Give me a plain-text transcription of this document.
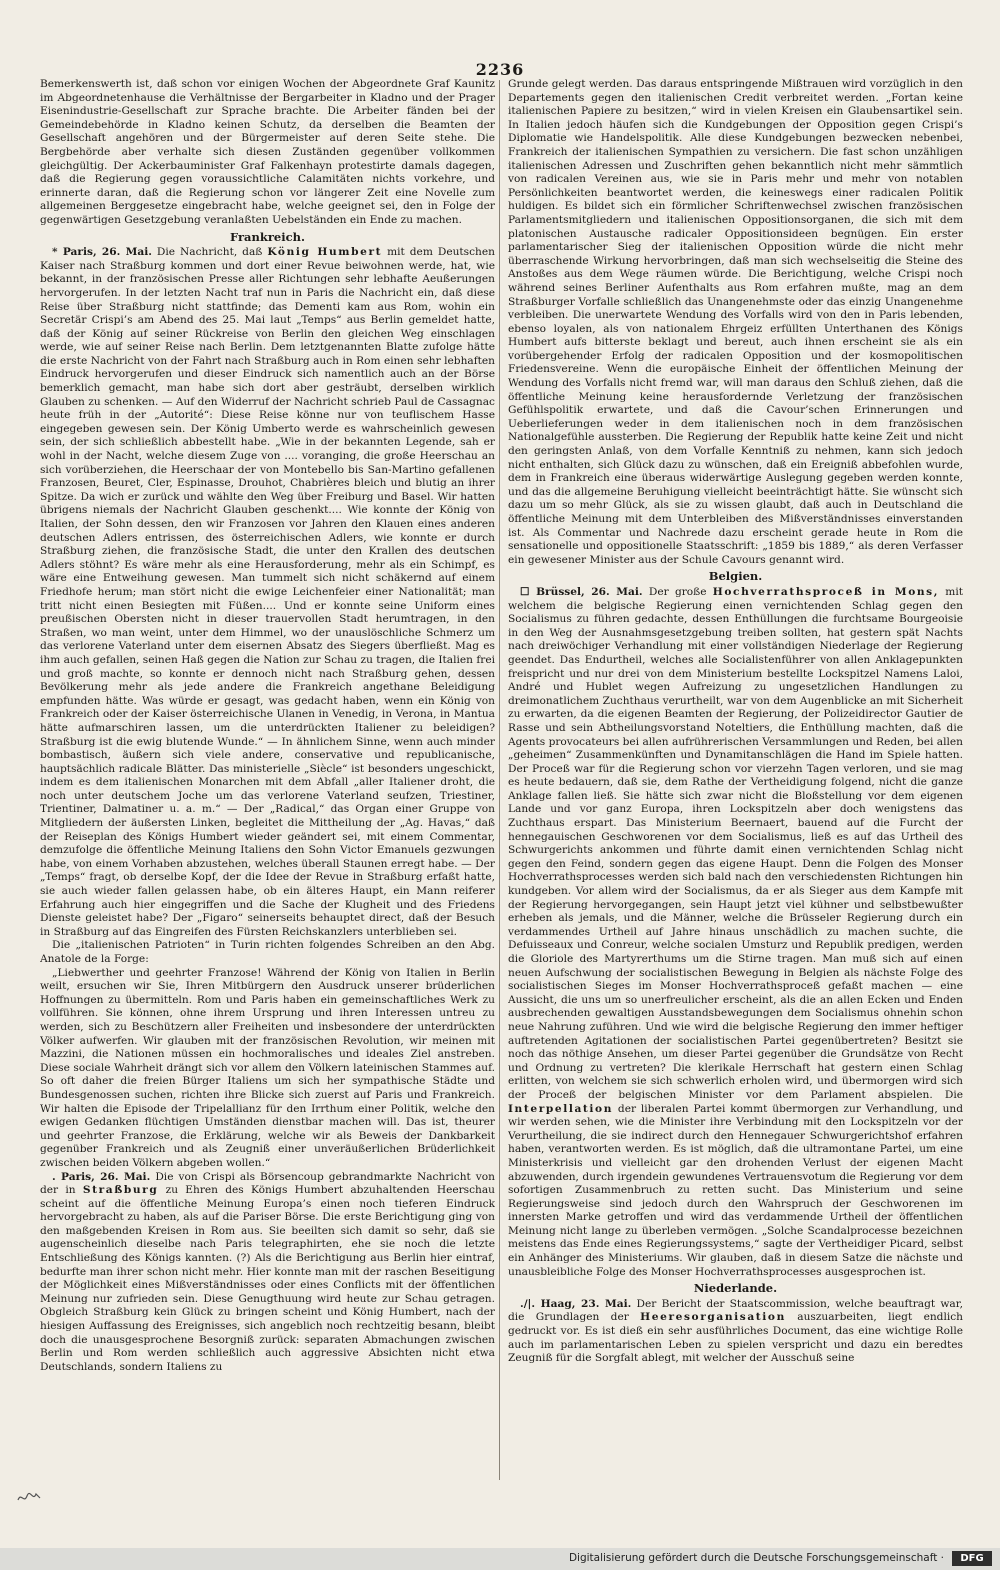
2236

Bemerkenswerth ist, daß schon vor einigen Wochen der Abgeordnete Graf Kaunitz im Abgeordnetenhause die Verhältnisse der Bergarbeiter in Kladno und der Prager Eisenindustrie-Gesellschaft zur Sprache brachte. Die Arbeiter fänden bei der Gemeindebehörde in Kladno keinen Schutz, da derselben die Beamten der Gesellschaft angehören und der Bürgermeister auf deren Seite stehe. Die Bergbehörde aber verhalte sich diesen Zuständen gegenüber vollkommen gleichgültig. Der Ackerbauminister Graf Falkenhayn protestirte damals dagegen, daß die Regierung gegen voraussichtliche Calamitäten nichts vorkehre, und erinnerte daran, daß die Regierung schon vor längerer Zeit eine Novelle zum allgemeinen Berggesetze eingebracht habe, welche geeignet sei, den in Folge der gegenwärtigen Gesetzgebung veranlaßten Uebelständen ein Ende zu machen.

Frankreich.

* Paris, 26. Mai. Die Nachricht, daß König Humbert mit dem Deutschen Kaiser nach Straßburg kommen und dort einer Revue beiwohnen werde, hat, wie bekannt, in der französischen Presse aller Richtungen sehr lebhafte Aeußerungen hervorgerufen. In der letzten Nacht traf nun in Paris die Nachricht ein, daß diese Reise über Straßburg nicht stattfinde; das Dementi kam aus Rom, wohin ein Secretär Crispi’s am Abend des 25. Mai laut „Temps“ aus Berlin gemeldet hatte, daß der König auf seiner Rückreise von Berlin den gleichen Weg einschlagen werde, wie auf seiner Reise nach Berlin. Dem letztgenannten Blatte zufolge hätte die erste Nachricht von der Fahrt nach Straßburg auch in Rom einen sehr lebhaften Eindruck hervorgerufen und dieser Eindruck sich namentlich auch an der Börse bemerklich gemacht, man habe sich dort aber gesträubt, derselben wirklich Glauben zu schenken. — Auf den Widerruf der Nachricht schrieb Paul de Cassagnac heute früh in der „Autorité“: Diese Reise könne nur von teuflischem Hasse eingegeben gewesen sein. Der König Umberto werde es wahrscheinlich gewesen sein, der sich schließlich abbestellt habe. „Wie in der bekannten Legende, sah er wohl in der Nacht, welche diesem Zuge von .... voranging, die große Heerschau an sich vorüberziehen, die Heerschaar der von Montebello bis San-Martino gefallenen Franzosen, Beuret, Cler, Espinasse, Drouhot, Chabrières bleich und blutig an ihrer Spitze. Da wich er zurück und wählte den Weg über Freiburg und Basel. Wir hatten übrigens niemals der Nachricht Glauben geschenkt.... Wie konnte der König von Italien, der Sohn dessen, den wir Franzosen vor Jahren den Klauen eines anderen deutschen Adlers entrissen, des österreichischen Adlers, wie konnte er durch Straßburg ziehen, die französische Stadt, die unter den Krallen des deutschen Adlers stöhnt? Es wäre mehr als eine Herausforderung, mehr als ein Schimpf, es wäre eine Entweihung gewesen. Man tummelt sich nicht schäkernd auf einem Friedhofe herum; man stört nicht die ewige Leichenfeier einer Nationalität; man tritt nicht einen Besiegten mit Füßen.... Und er konnte seine Uniform eines preußischen Obersten nicht in dieser trauervollen Stadt herumtragen, in den Straßen, wo man weint, unter dem Himmel, wo der unauslöschliche Schmerz um das verlorene Vaterland unter dem eisernen Absatz des Siegers überfließt. Mag es ihm auch gefallen, seinen Haß gegen die Nation zur Schau zu tragen, die Italien frei und groß machte, so konnte er dennoch nicht nach Straßburg gehen, dessen Bevölkerung mehr als jede andere die Frankreich angethane Beleidigung empfunden hätte. Was würde er gesagt, was gedacht haben, wenn ein König von Frankreich oder der Kaiser österreichische Ulanen in Venedig, in Verona, in Mantua hätte aufmarschiren lassen, um die unterdrückten Italiener zu beleidigen? Straßburg ist die ewig blutende Wunde.“ — In ähnlichem Sinne, wenn auch minder bombastisch, äußern sich viele andere, conservative und republicanische, hauptsächlich radicale Blätter. Das ministerielle „Siècle“ ist besonders ungeschickt, indem es dem italienischen Monarchen mit dem Abfall „aller Italiener droht, die noch unter deutschem Joche um das verlorene Vaterland seufzen, Triestiner, Trientiner, Dalmatiner u. a. m.“ — Der „Radical,“ das Organ einer Gruppe von Mitgliedern der äußersten Linken, begleitet die Mittheilung der „Ag. Havas,“ daß der Reiseplan des Königs Humbert wieder geändert sei, mit einem Commentar, demzufolge die öffentliche Meinung Italiens den Sohn Victor Emanuels gezwungen habe, von einem Vorhaben abzustehen, welches überall Staunen erregt habe. — Der „Temps“ fragt, ob derselbe Kopf, der die Idee der Revue in Straßburg erfaßt hatte, sie auch wieder fallen gelassen habe, ob ein älteres Haupt, ein Mann reiferer Erfahrung auch hier eingegriffen und die Sache der Klugheit und des Friedens Dienste geleistet habe? Der „Figaro“ seinerseits behauptet direct, daß der Besuch in Straßburg auf das Eingreifen des Fürsten Reichskanzlers unterblieben sei.

Die „italienischen Patrioten“ in Turin richten folgendes Schreiben an den Abg. Anatole de la Forge:

„Liebwerther und geehrter Franzose! Während der König von Italien in Berlin weilt, ersuchen wir Sie, Ihren Mitbürgern den Ausdruck unserer brüderlichen Hoffnungen zu übermitteln. Rom und Paris haben ein gemeinschaftliches Werk zu vollführen. Sie können, ohne ihrem Ursprung und ihren Interessen untreu zu werden, sich zu Beschützern aller Freiheiten und insbesondere der unterdrückten Völker aufwerfen. Wir glauben mit der französischen Revolution, wir meinen mit Mazzini, die Nationen müssen ein hochmoralisches und ideales Ziel anstreben. Diese sociale Wahrheit drängt sich vor allem den Völkern lateinischen Stammes auf. So oft daher die freien Bürger Italiens um sich her sympathische Städte und Bundesgenossen suchen, richten ihre Blicke sich zuerst auf Paris und Frankreich. Wir halten die Episode der Tripelallianz für den Irrthum einer Politik, welche den ewigen Gedanken flüchtigen Umständen dienstbar machen will. Das ist, theurer und geehrter Franzose, die Erklärung, welche wir als Beweis der Dankbarkeit gegenüber Frankreich und als Zeugniß einer unveräußerlichen Brüderlichkeit zwischen beiden Völkern abgeben wollen.“

. Paris, 26. Mai. Die von Crispi als Börsencoup gebrandmarkte Nachricht von der in Straßburg zu Ehren des Königs Humbert abzuhaltenden Heerschau scheint auf die öffentliche Meinung Europa’s einen noch tieferen Eindruck hervorgebracht zu haben, als auf die Pariser Börse. Die erste Berichtigung ging von den maßgebenden Kreisen in Rom aus. Sie beeilten sich damit so sehr, daß sie augenscheinlich dieselbe nach Paris telegraphirten, ehe sie noch die letzte Entschließung des Königs kannten. (?) Als die Berichtigung aus Berlin hier eintraf, bedurfte man ihrer schon nicht mehr. Hier konnte man mit der raschen Beseitigung der Möglichkeit eines Mißverständnisses oder eines Conflicts mit der öffentlichen Meinung nur zufrieden sein. Diese Genugthuung wird heute zur Schau getragen. Obgleich Straßburg kein Glück zu bringen scheint und König Humbert, nach der hiesigen Auffassung des Ereignisses, sich angeblich noch rechtzeitig besann, bleibt doch die unausgesprochene Besorgniß zurück: separaten Abmachungen zwischen Berlin und Rom werden schließlich auch aggressive Absichten nicht etwa Deutschlands, sondern Italiens zu

Grunde gelegt werden. Das daraus entspringende Mißtrauen wird vorzüglich in den Departements gegen den italienischen Credit verbreitet werden. „Fortan keine italienischen Papiere zu besitzen,“ wird in vielen Kreisen ein Glaubensartikel sein. In Italien jedoch häufen sich die Kundgebungen der Opposition gegen Crispi’s Diplomatie wie Handelspolitik. Alle diese Kundgebungen bezwecken nebenbei, Frankreich der italienischen Sympathien zu versichern. Die fast schon unzähligen italienischen Adressen und Zuschriften gehen bekanntlich nicht mehr sämmtlich von radicalen Vereinen aus, wie sie in Paris mehr und mehr von notablen Persönlichkeiten beantwortet werden, die keineswegs einer radicalen Politik huldigen. Es bildet sich ein förmlicher Schriftenwechsel zwischen französischen Parlamentsmitgliedern und italienischen Oppositionsorganen, die sich mit dem platonischen Austausche radicaler Oppositionsideen begnügen. Ein erster parlamentarischer Sieg der italienischen Opposition würde die nicht mehr überraschende Wirkung hervorbringen, daß man sich wechselseitig die Steine des Anstoßes aus dem Wege räumen würde. Die Berichtigung, welche Crispi noch während seines Berliner Aufenthalts aus Rom erfahren mußte, mag an dem Straßburger Vorfalle schließlich das Unangenehmste oder das einzig Unangenehme verbleiben. Die unerwartete Wendung des Vorfalls wird von den in Paris lebenden, ebenso loyalen, als von nationalem Ehrgeiz erfüllten Unterthanen des Königs Humbert aufs bitterste beklagt und bereut, auch ihnen erscheint sie als ein vorübergehender Erfolg der radicalen Opposition und der kosmopolitischen Friedensvereine. Wenn die europäische Einheit der öffentlichen Meinung der Wendung des Vorfalls nicht fremd war, will man daraus den Schluß ziehen, daß die öffentliche Meinung keine herausfordernde Verletzung der französischen Gefühlspolitik erwartete, und daß die Cavour’schen Erinnerungen und Ueberlieferungen weder in dem italienischen noch in dem französischen Nationalgefühle aussterben. Die Regierung der Republik hatte keine Zeit und nicht den geringsten Anlaß, von dem Vorfalle Kenntniß zu nehmen, kann sich jedoch nicht enthalten, sich Glück dazu zu wünschen, daß ein Ereigniß abbefohlen wurde, dem in Frankreich eine überaus widerwärtige Auslegung gegeben werden konnte, und das die allgemeine Beruhigung vielleicht beeinträchtigt hätte. Sie wünscht sich dazu um so mehr Glück, als sie zu wissen glaubt, daß auch in Deutschland die öffentliche Meinung mit dem Unterbleiben des Mißverständnisses einverstanden ist. Als Commentar und Nachrede dazu erscheint gerade heute in Rom die sensationelle und oppositionelle Staatsschrift: „1859 bis 1889,“ als deren Verfasser ein gewesener Minister aus der Schule Cavours genannt wird.

Belgien.

☐ Brüssel, 26. Mai. Der große Hochverrathsproceß in Mons, mit welchem die belgische Regierung einen vernichtenden Schlag gegen den Socialismus zu führen gedachte, dessen Enthüllungen die furchtsame Bourgeoisie in den Weg der Ausnahmsgesetzgebung treiben sollten, hat gestern spät Nachts nach dreiwöchiger Verhandlung mit einer vollständigen Niederlage der Regierung geendet. Das Endurtheil, welches alle Socialistenführer von allen Anklagepunkten freispricht und nur drei von dem Ministerium bestellte Lockspitzel Namens Laloi, André und Hublet wegen Aufreizung zu ungesetzlichen Handlungen zu dreimonatlichem Zuchthaus verurtheilt, war von dem Augenblicke an mit Sicherheit zu erwarten, da die eigenen Beamten der Regierung, der Polizeidirector Gautier de Rasse und sein Abtheilungsvorstand Noteltiers, die Enthüllung machten, daß die Agents provocateurs bei allen aufrührerischen Versammlungen und Reden, bei allen „geheimen“ Zusammenkünften und Dynamitanschlägen die Hand im Spiele hatten. Der Proceß war für die Regierung schon vor vierzehn Tagen verloren, und sie mag es heute bedauern, daß sie, dem Rathe der Vertheidigung folgend, nicht die ganze Anklage fallen ließ. Sie hätte sich zwar nicht die Bloßstellung vor dem eigenen Lande und vor ganz Europa, ihren Lockspitzeln aber doch wenigstens das Zuchthaus erspart. Das Ministerium Beernaert, bauend auf die Furcht der hennegauischen Geschworenen vor dem Socialismus, ließ es auf das Urtheil des Schwurgerichts ankommen und führte damit einen vernichtenden Schlag nicht gegen den Feind, sondern gegen das eigene Haupt. Denn die Folgen des Monser Hochverrathsprocesses werden sich bald nach den verschiedensten Richtungen hin kundgeben. Vor allem wird der Socialismus, da er als Sieger aus dem Kampfe mit der Regierung hervorgegangen, sein Haupt jetzt viel kühner und selbstbewußter erheben als jemals, und die Männer, welche die Brüsseler Regierung durch ein verdammendes Urtheil auf Jahre hinaus unschädlich zu machen suchte, die Defuisseaux und Conreur, welche socialen Umsturz und Republik predigen, werden die Gloriole des Martyrerthums um die Stirne tragen. Man muß sich auf einen neuen Aufschwung der socialistischen Bewegung in Belgien als nächste Folge des socialistischen Sieges im Monser Hochverrathsproceß gefaßt machen — eine Aussicht, die uns um so unerfreulicher erscheint, als die an allen Ecken und Enden ausbrechenden gewaltigen Ausstandsbewegungen dem Socialismus ohnehin schon neue Nahrung zuführen. Und wie wird die belgische Regierung den immer heftiger auftretenden Agitationen der socialistischen Partei gegenübertreten? Besitzt sie noch das nöthige Ansehen, um dieser Partei gegenüber die Grundsätze von Recht und Ordnung zu vertreten? Die klerikale Herrschaft hat gestern einen Schlag erlitten, von welchem sie sich schwerlich erholen wird, und übermorgen wird sich der Proceß der belgischen Minister vor dem Parlament abspielen. Die Interpellation der liberalen Partei kommt übermorgen zur Verhandlung, und wir werden sehen, wie die Minister ihre Verbindung mit den Lockspitzeln vor der Verurtheilung, die sie indirect durch den Hennegauer Schwurgerichtshof erfahren haben, verantworten werden. Es ist möglich, daß die ultramontane Partei, um eine Ministerkrisis und vielleicht gar den drohenden Verlust der eigenen Macht abzuwenden, durch irgendein gewundenes Vertrauensvotum die Regierung vor dem sofortigen Zusammenbruch zu retten sucht. Das Ministerium und seine Regierungsweise sind jedoch durch den Wahrspruch der Geschworenen im innersten Marke getroffen und wird das verdammende Urtheil der öffentlichen Meinung nicht lange zu überleben vermögen. „Solche Scandalprocesse bezeichnen meistens das Ende eines Regierungssystems,“ sagte der Vertheidiger Picard, selbst ein Anhänger des Ministeriums. Wir glauben, daß in diesem Satze die nächste und unausbleibliche Folge des Monser Hochverrathsprocesses ausgesprochen ist.

Niederlande.

./|. Haag, 23. Mai. Der Bericht der Staatscommission, welche beauftragt war, die Grundlagen der Heeresorganisation auszuarbeiten, liegt endlich gedruckt vor. Es ist dieß ein sehr ausführliches Document, das eine wichtige Rolle auch im parlamentarischen Leben zu spielen verspricht und dazu ein beredtes Zeugniß für die Sorgfalt ablegt, mit welcher der Ausschuß seine

Digitalisierung gefördert durch die Deutsche Forschungsgemeinschaft ·	DFG
